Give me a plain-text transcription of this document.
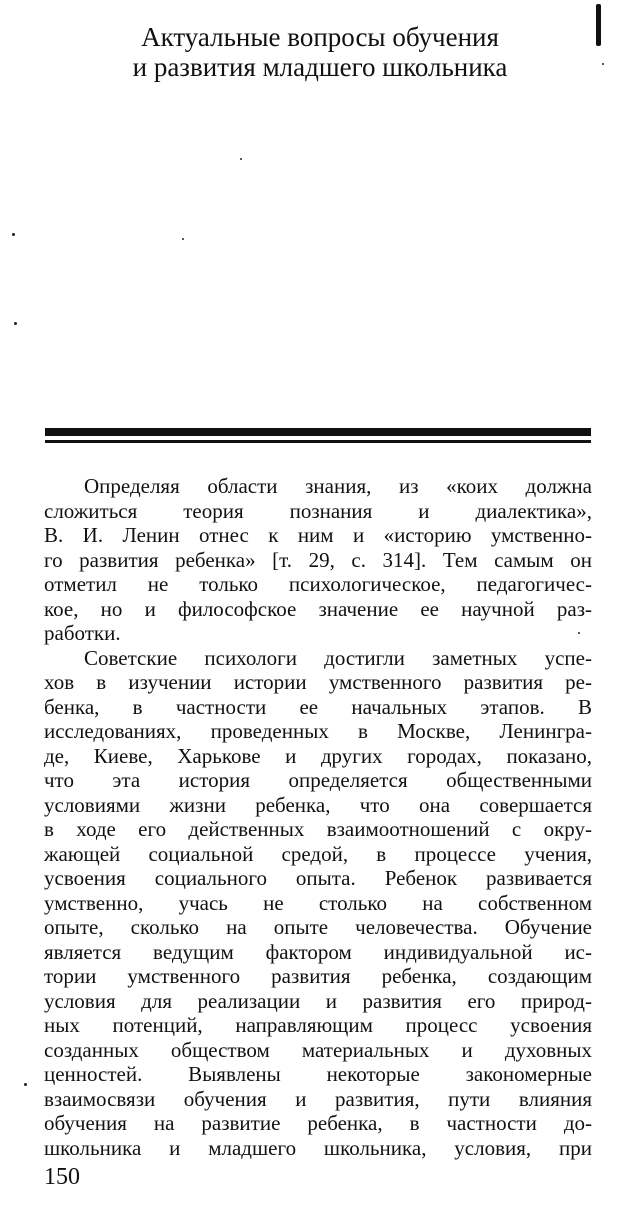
Актуальные вопросы обучения
и развития младшего школьника
Определяя области знания, из «коих должна
сложиться теория познания и диалектика»,
В. И. Ленин отнес к ним и «историю умственно-
го развития ребенка» [т. 29, с. 314]. Тем самым он
отметил не только психологическое, педагогичес-
кое, но и философское значение ее научной раз-
работки.
Советские психологи достигли заметных успе-
хов в изучении истории умственного развития ре-
бенка, в частности ее начальных этапов. В
исследованиях, проведенных в Москве, Ленингра-
де, Киеве, Харькове и других городах, показано,
что эта история определяется общественными
условиями жизни ребенка, что она совершается
в ходе его действенных взаимоотношений с окру-
жающей социальной средой, в процессе учения,
усвоения социального опыта. Ребенок развивается
умственно, учась не столько на собственном
опыте, сколько на опыте человечества. Обучение
является ведущим фактором индивидуальной ис-
тории умственного развития ребенка, создающим
условия для реализации и развития его природ-
ных потенций, направляющим процесс усвоения
созданных обществом материальных и духовных
ценностей. Выявлены некоторые закономерные
взаимосвязи обучения и развития, пути влияния
обучения на развитие ребенка, в частности до-
школьника и младшего школьника, условия, при
150
